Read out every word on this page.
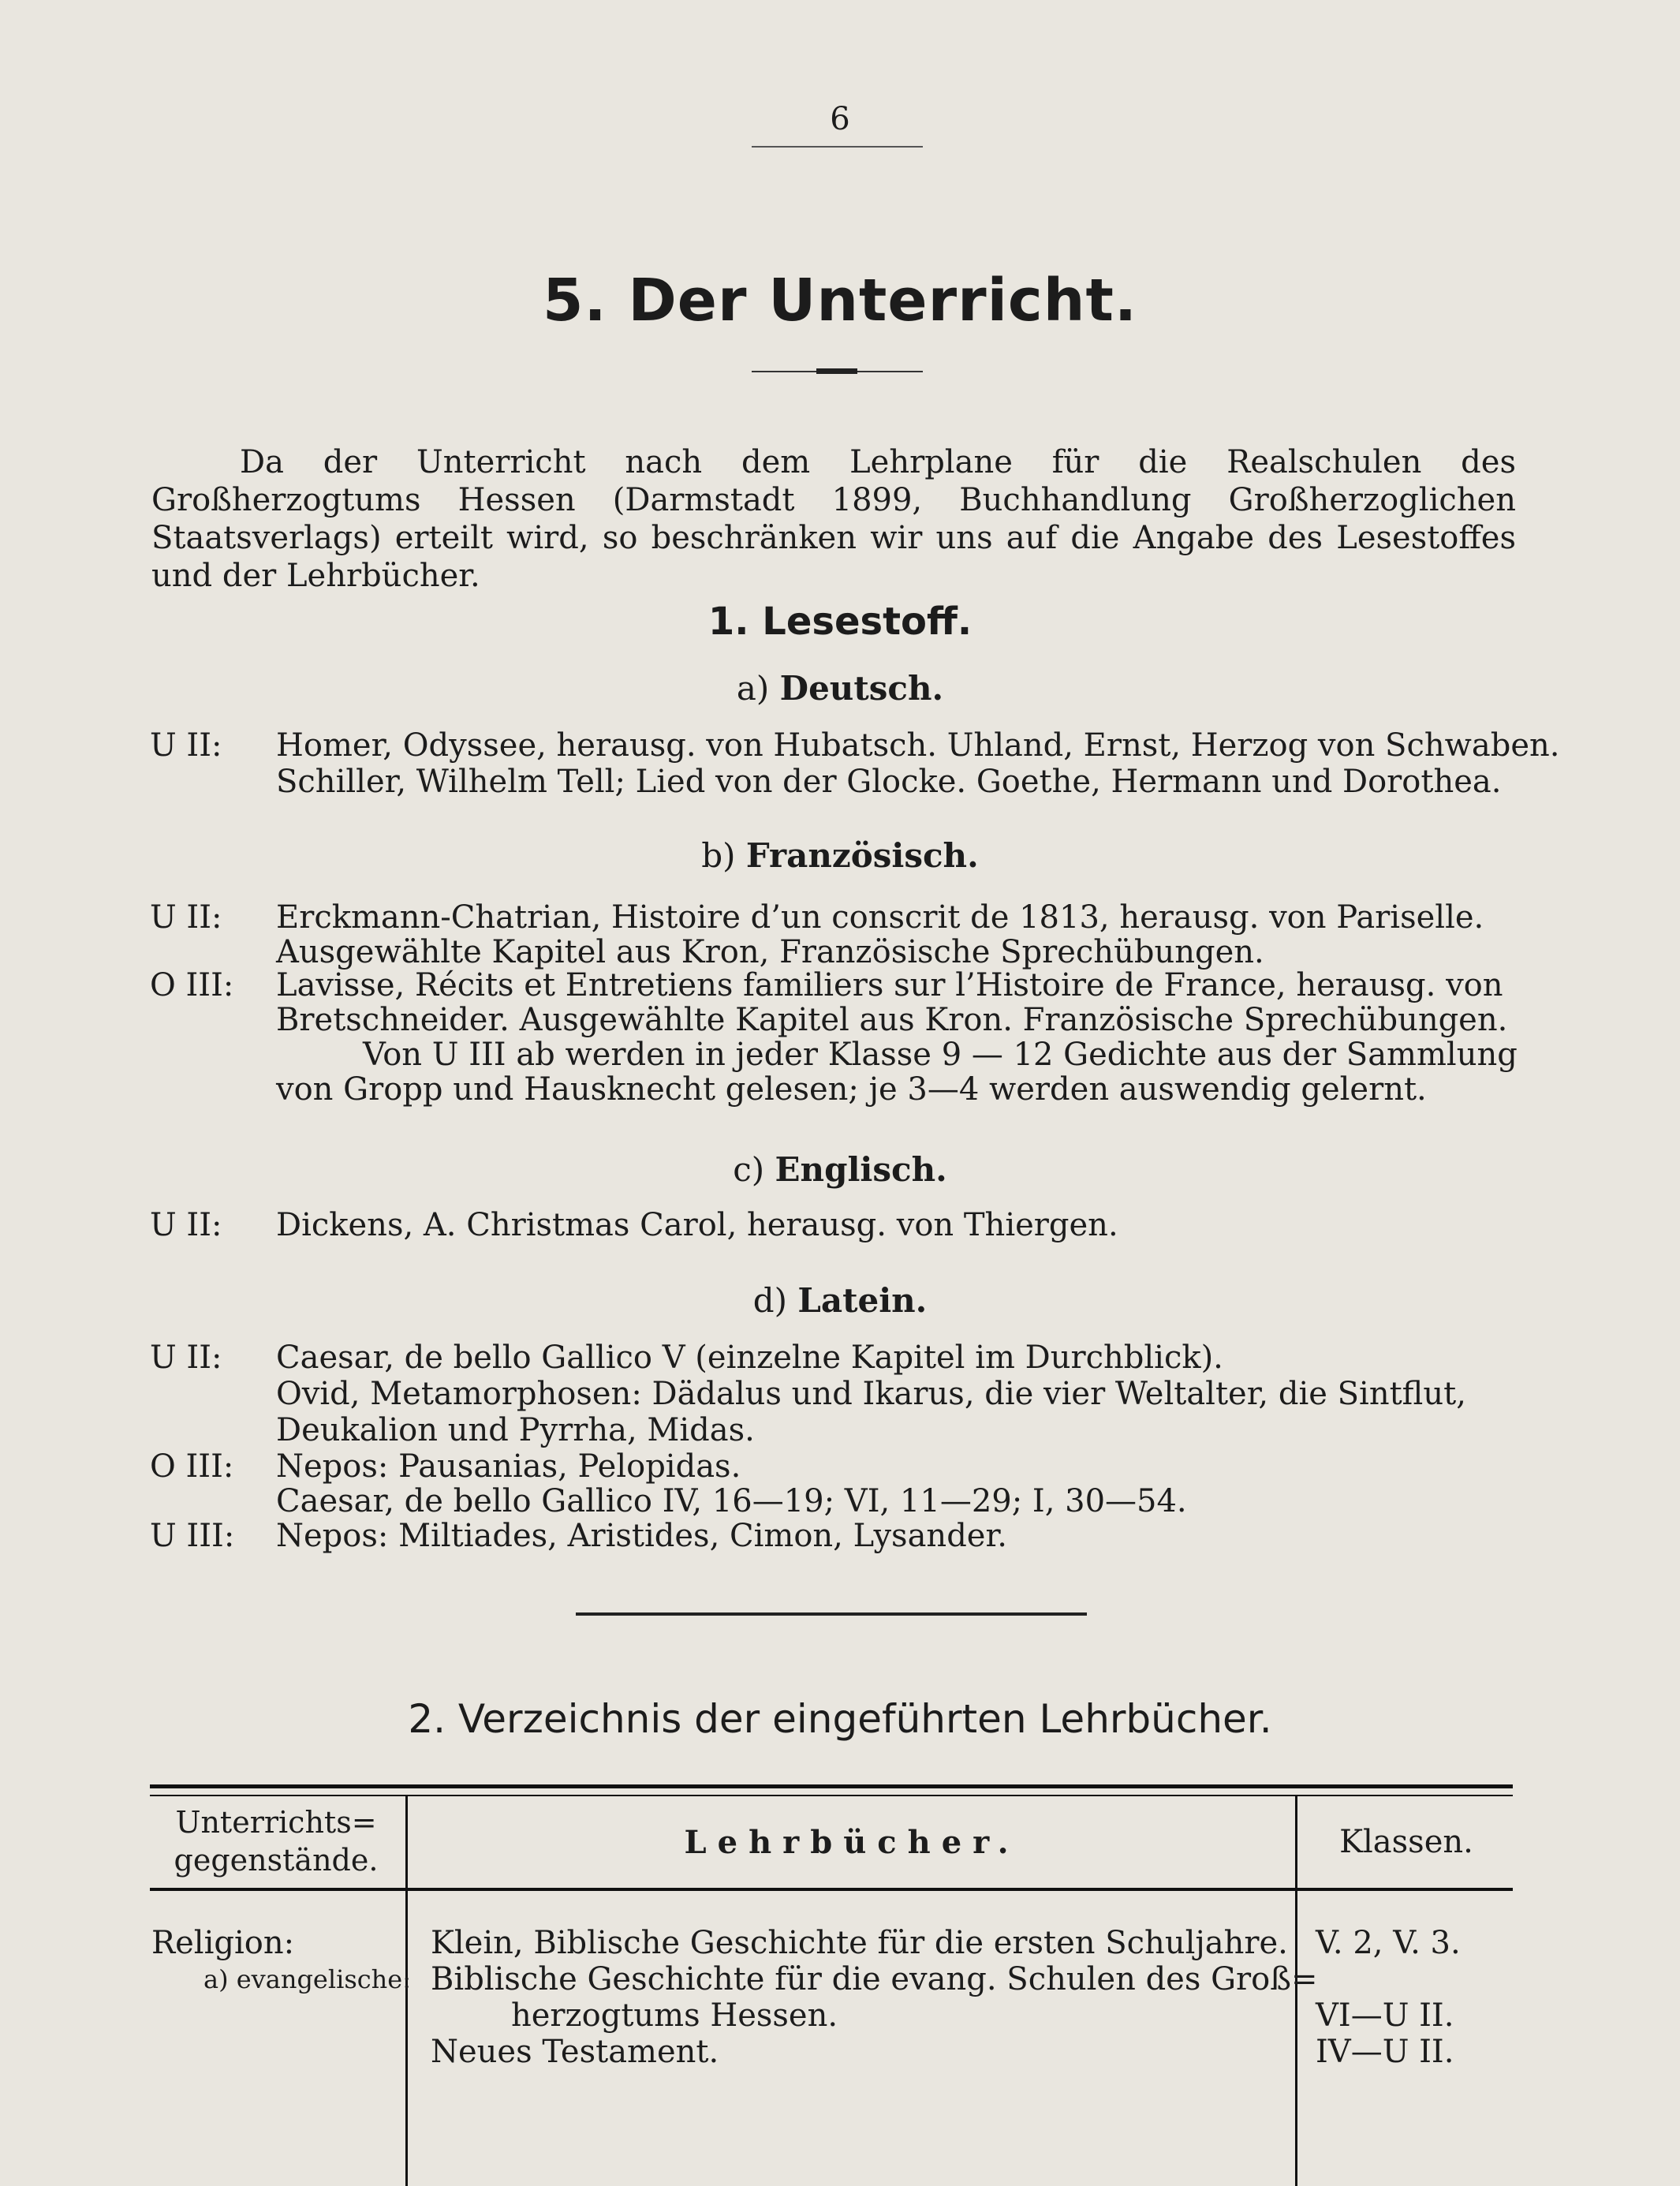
6
5. Der Unterricht.

Da der Unterricht nach dem Lehrplane für die Realschulen des Großherzogtums Hessen (Darmstadt 1899, Buchhandlung Großherzoglichen Staatsverlags) erteilt wird, so beschränken wir uns auf die Angabe des Lesestoffes und der Lehrbücher.

1. Lesestoff.
a) Deutsch.
U II: Homer, Odyssee, herausg. von Hubatsch. Uhland, Ernst, Herzog von Schwaben.
Schiller, Wilhelm Tell; Lied von der Glocke. Goethe, Hermann und Dorothea.
b) Französisch.
U II: Erckmann-Chatrian, Histoire d’un conscrit de 1813, herausg. von Pariselle.
Ausgewählte Kapitel aus Kron, Französische Sprechübungen.
O III: Lavisse, Récits et Entretiens familiers sur l’Histoire de France, herausg. von
Bretschneider. Ausgewählte Kapitel aus Kron. Französische Sprechübungen.
Von U III ab werden in jeder Klasse 9 — 12 Gedichte aus der Sammlung
von Gropp und Hausknecht gelesen; je 3—4 werden auswendig gelernt.
c) Englisch.
U II: Dickens, A. Christmas Carol, herausg. von Thiergen.
d) Latein.
U II: Caesar, de bello Gallico V (einzelne Kapitel im Durchblick).
Ovid, Metamorphosen: Dädalus und Ikarus, die vier Weltalter, die Sintflut,
Deukalion und Pyrrha, Midas.
O III: Nepos: Pausanias, Pelopidas.
Caesar, de bello Gallico IV, 16—19; VI, 11—29; I, 30—54.
U III: Nepos: Miltiades, Aristides, Cimon, Lysander.
2. Verzeichnis der eingeführten Lehrbücher.
Unterrichts=
gegenstände.	Lehrbücher.	Klassen.
Religion:
a) evangelische:
Klein, Biblische Geschichte für die ersten Schuljahre.
Biblische Geschichte für die evang. Schulen des Groß=
herzogtums Hessen.
Neues Testament.
V. 2, V. 3.
VI—U II.
IV—U II.
